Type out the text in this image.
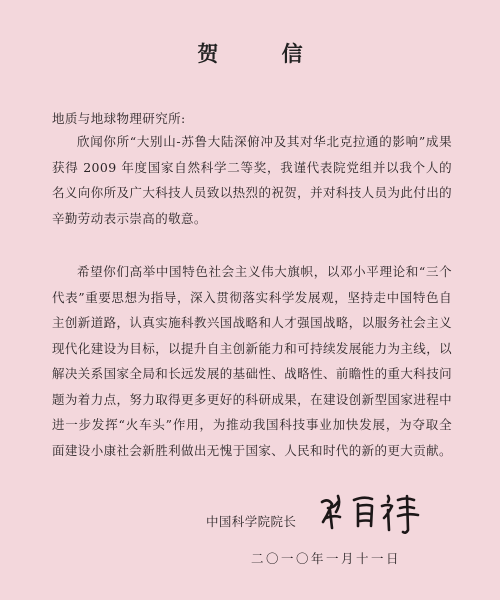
贺 信
地质与地球物理研究所:

欣闻你所“大别山-苏鲁大陆深俯冲及其对华北克拉通的影响”成果获得 2009 年度国家自然科学二等奖，我谨代表院党组并以我个人的名义向你所及广大科技人员致以热烈的祝贺，并对科技人员为此付出的辛勤劳动表示崇高的敬意。

希望你们高举中国特色社会主义伟大旗帜，以邓小平理论和“三个代表”重要思想为指导，深入贯彻落实科学发展观，坚持走中国特色自主创新道路，认真实施科教兴国战略和人才强国战略，以服务社会主义现代化建设为目标，以提升自主创新能力和可持续发展能力为主线，以解决关系国家全局和长远发展的基础性、战略性、前瞻性的重大科技问题为着力点，努力取得更多更好的科研成果，在建设创新型国家进程中进一步发挥“火车头”作用，为推动我国科技事业加快发展，为夺取全面建设小康社会新胜利做出无愧于国家、人民和时代的新的更大贡献。

中国科学院院长
二〇一〇年一月十一日
